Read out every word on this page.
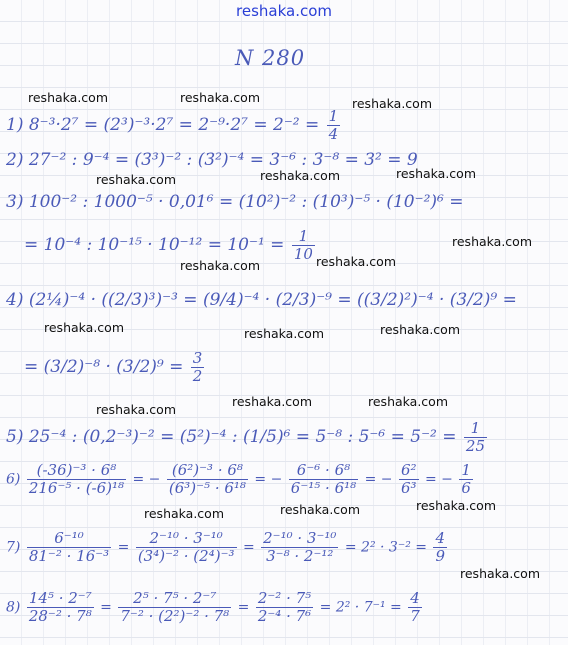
reshaka.com
N 280
reshaka.com	reshaka.com	reshaka.com
reshaka.com	reshaka.com	reshaka.com
reshaka.com
reshaka.com	reshaka.com
reshaka.com	reshaka.com	reshaka.com
reshaka.com	reshaka.com
reshaka.com
reshaka.com	reshaka.com	reshaka.com
reshaka.com
1) $8^{-3}\cdot 2^7 = (2^3)^{-3}\cdot 2^7 = 2^{-9}\cdot 2^7 = 2^{-2} = \frac{1}{4}$
2) 27⁻² : 9⁻⁴ = (3³)⁻² : (3²)⁻⁴ = 3⁻⁶ : 3⁻⁸ = 3² = 9
3) 100⁻² : 1000⁻⁵ · 0,01⁶ = (10²)⁻² : (10³)⁻⁵ · (10⁻²)⁶ =
= 10⁻⁴ : $10^{-15} \cdot 10^{-12} = 10^{-1} = \frac{1}{10}$
4) (2¼)⁻⁴ · ((2/3)³)⁻³ = (9/4)⁻⁴ · (2/3)⁻⁹ = ((3/2)²)⁻⁴ · (3/2)⁹ =
= $(3/2)^{-8} \cdot (3/2)^9 = \frac{3}{2}$
5) 25⁻⁴ : (0,2⁻³)⁻² = (5²)⁻⁴ : (1/5)⁶ = 5⁻⁸ : $5^{-6} = 5^{-2} = \frac{1}{25}$
$6) \frac{\text{(-36)⁻³ · 6⁸}}{\text{216⁻⁵ · (-6)¹⁸}}$ = − $\frac{\text{(6²)⁻³ · 6⁸}}{\text{(6³)⁻⁵ · 6¹⁸}}$ = − $\frac{\text{6⁻⁶ · 6⁸}}{\text{6⁻¹⁵ · 6¹⁸}}$ = − $\frac{\text{6²}}{\text{6³}}$ = − $\frac{1}{6}$
$7) \frac{\text{6⁻¹⁰}}{\text{81⁻² · 16⁻³}} = \frac{\text{2⁻¹⁰ · 3⁻¹⁰}}{\text{(3⁴)⁻² · (2⁴)⁻³}} = \frac{\text{2⁻¹⁰ · 3⁻¹⁰}}{\text{3⁻⁸ · 2⁻¹²}} = 2^2 \cdot 3^{-2} = \frac{4}{9}$
$8) \frac{\text{14⁵ · 2⁻⁷}}{\text{28⁻² · 7⁸}} = \frac{\text{2⁵ · 7⁵ · 2⁻⁷}}{\text{7⁻² · (2²)⁻² · 7⁸}} = \frac{\text{2⁻² · 7⁵}}{\text{2⁻⁴ · 7⁶}} = 2^2 \cdot 7^{-1} = \frac{4}{7}$
